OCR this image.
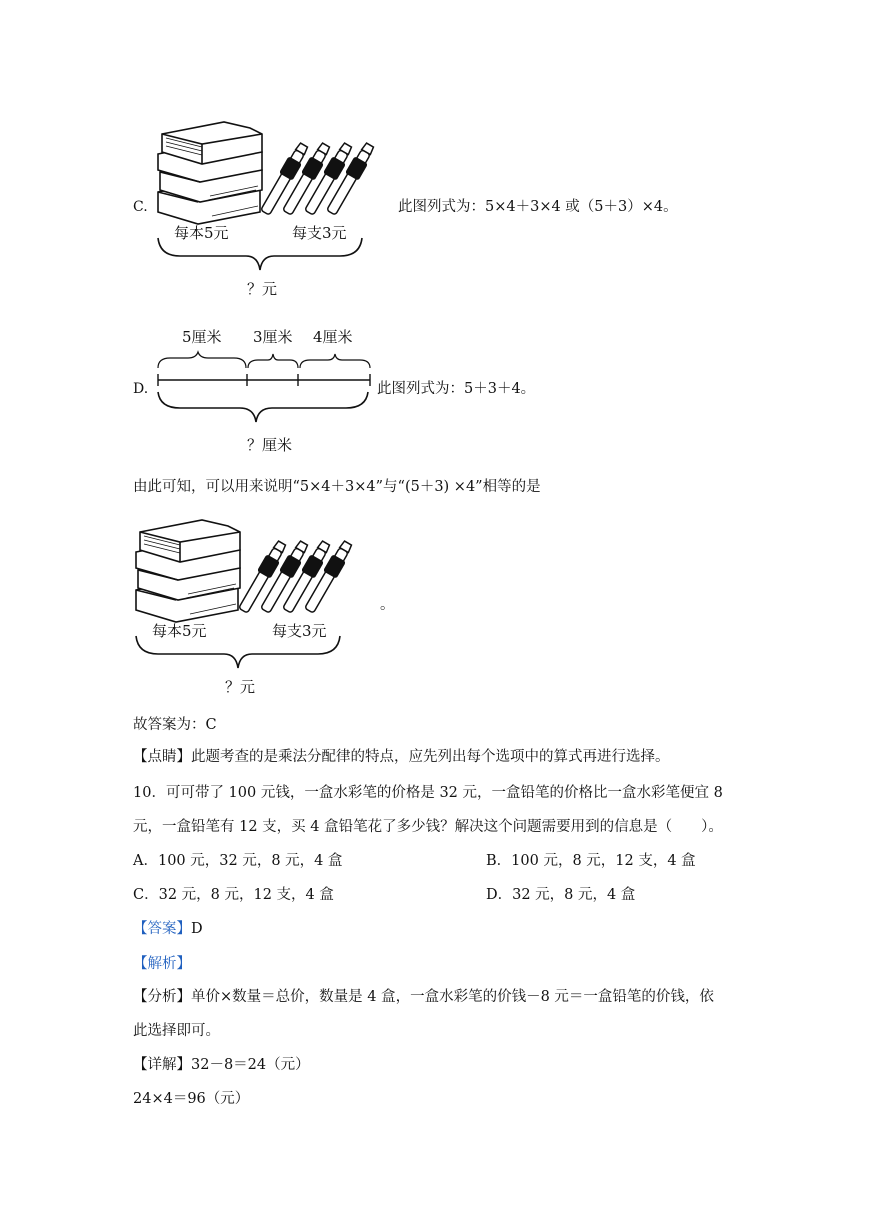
C.
每本5元	每支3元
？元
此图列式为：5×4＋3×4 或（5＋3）×4。
D.
5厘米 3厘米 4厘米
？厘米
此图列式为：5＋3＋4。
由此可知，可以用来说明“5×4＋3×4”与“(5＋3) ×4”相等的是
每本5元	每支3元
？元
。
故答案为：C
【点睛】此题考查的是乘法分配律的特点，应先列出每个选项中的算式再进行选择。
10．可可带了 100 元钱，一盒水彩笔的价格是 32 元，一盒铅笔的价格比一盒水彩笔便宜 8
元，一盒铅笔有 12 支，买 4 盒铅笔花了多少钱？解决这个问题需要用到的信息是（　　）。
A．100 元，32 元，8 元，4 盒	B．100 元，8 元，12 支，4 盒
C．32 元，8 元，12 支，4 盒	D．32 元，8 元，4 盒
【答案】D
【解析】
【分析】单价×数量＝总价，数量是 4 盒，一盒水彩笔的价钱－8 元＝一盒铅笔的价钱，依
此选择即可。
【详解】32－8＝24（元）
24×4＝96（元）
